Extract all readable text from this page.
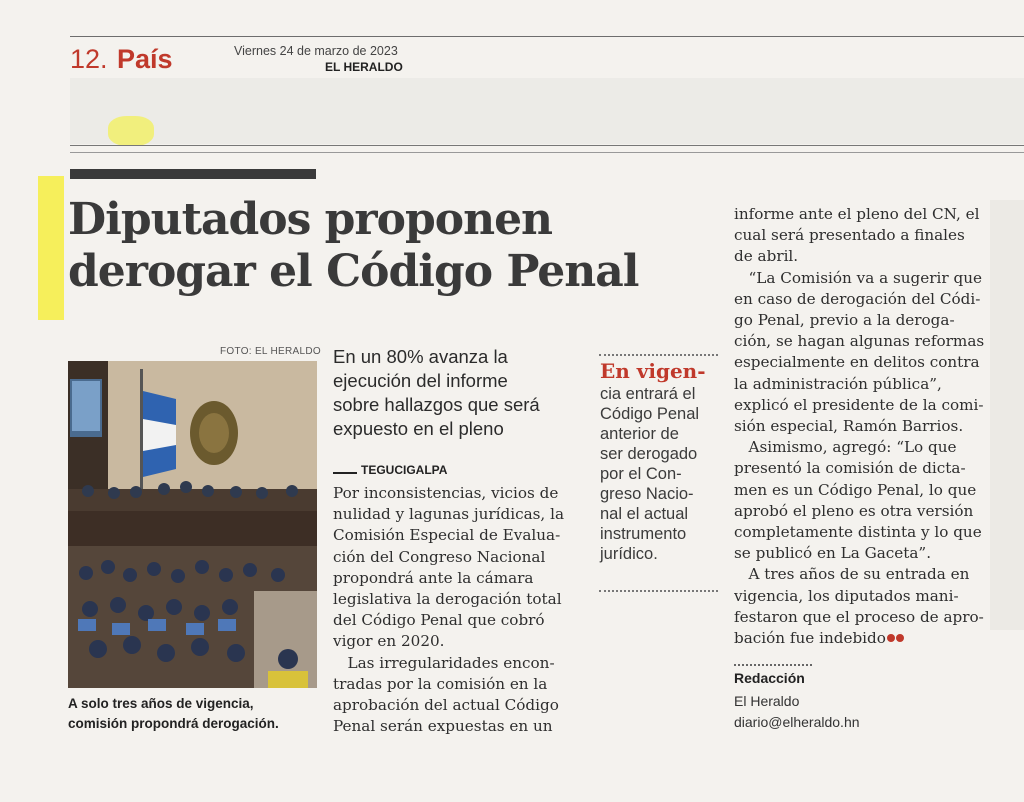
12. País	Viernes 24 de marzo de 2023
EL HERALDO
Diputados proponen
derogar el Código Penal
FOTO: EL HERALDO
A solo tres años de vigencia,
comisión propondrá derogación.
En un 80% avanza la
ejecución del informe
sobre hallazgos que será
expuesto en el pleno
TEGUCIGALPA
Por inconsistencias, vicios de
nulidad y lagunas jurídicas, la
Comisión Especial de Evalua-
ción del Congreso Nacional
propondrá ante la cámara
legislativa la derogación total
del Código Penal que cobró
vigor en 2020.
Las irregularidades encon-
tradas por la comisión en la
aprobación del actual Código
Penal serán expuestas en un
En vigen-
cia entrará el
Código Penal
anterior de
ser derogado
por el Con-
greso Nacio-
nal el actual
instrumento
jurídico.
informe ante el pleno del CN, el
cual será presentado a finales
de abril.
“La Comisión va a sugerir que
en caso de derogación del Códi-
go Penal, previo a la deroga-
ción, se hagan algunas reformas
especialmente en delitos contra
la administración pública”,
explicó el presidente de la comi-
sión especial, Ramón Barrios.
Asimismo, agregó: “Lo que
presentó la comisión de dicta-
men es un Código Penal, lo que
aprobó el pleno es otra versión
completamente distinta y lo que
se publicó en La Gaceta”.
A tres años de su entrada en
vigencia, los diputados mani-
festaron que el proceso de apro-
bación fue indebido
Redacción
El Heraldo
diario@elheraldo.hn
